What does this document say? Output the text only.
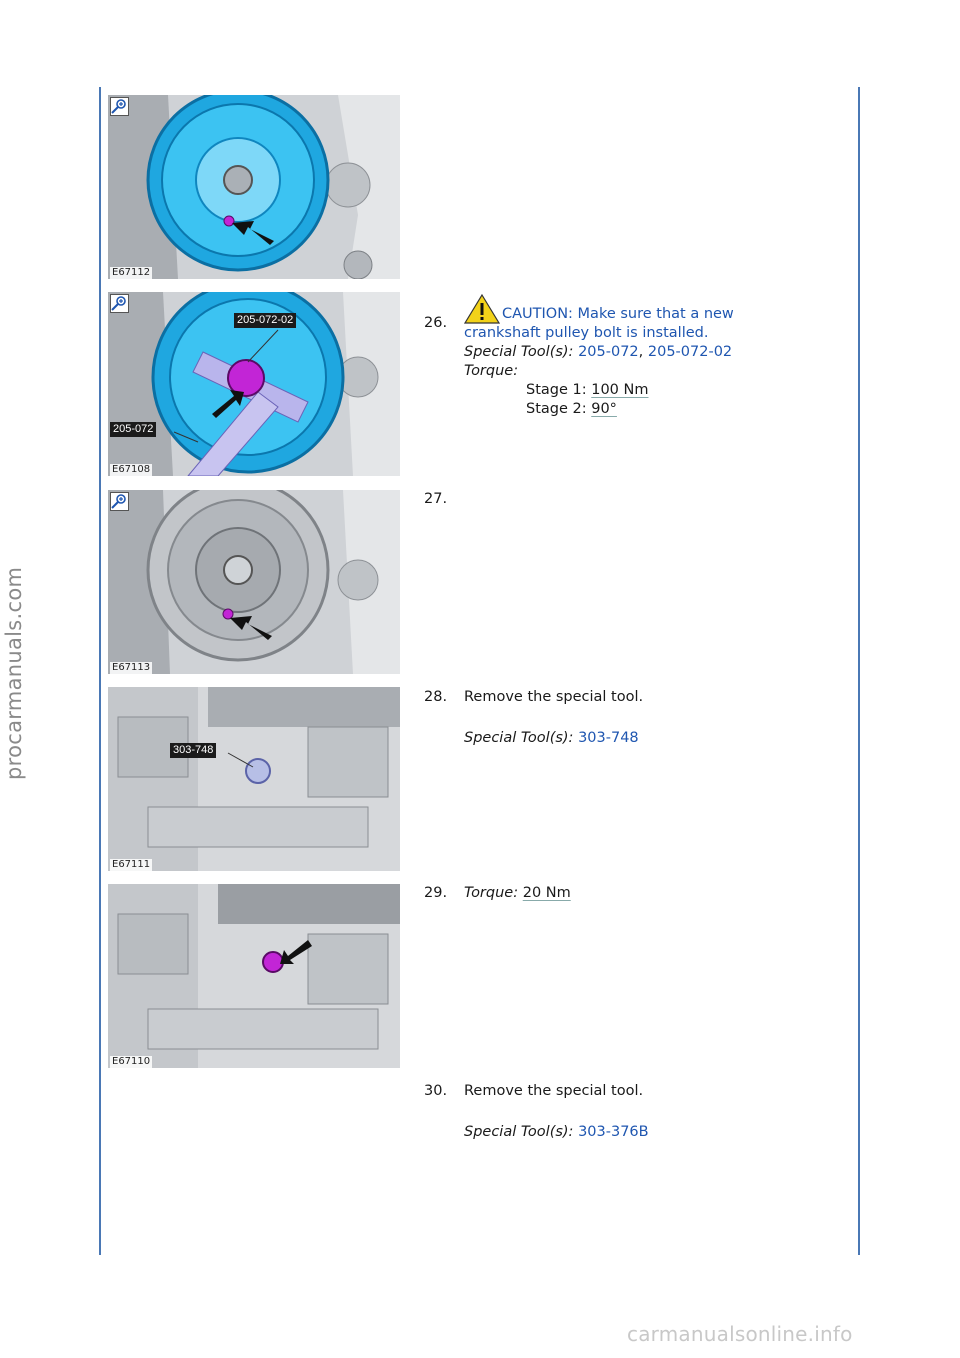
procarmanuals.com
carmanualsonline.info
E67112
205-072-02
205-072
E67108
E67113
303-748
E67111
E67110
26.
CAUTION: Make sure that a new crankshaft pulley bolt is installed.
Special Tool(s): 205-072, 205-072-02
Torque:
Stage 1: 100 Nm
Stage 2: 90°
27.
28.	Remove the special tool.
Special Tool(s): 303-748
29.	Torque: 20 Nm
30.	Remove the special tool.
Special Tool(s): 303-376B
